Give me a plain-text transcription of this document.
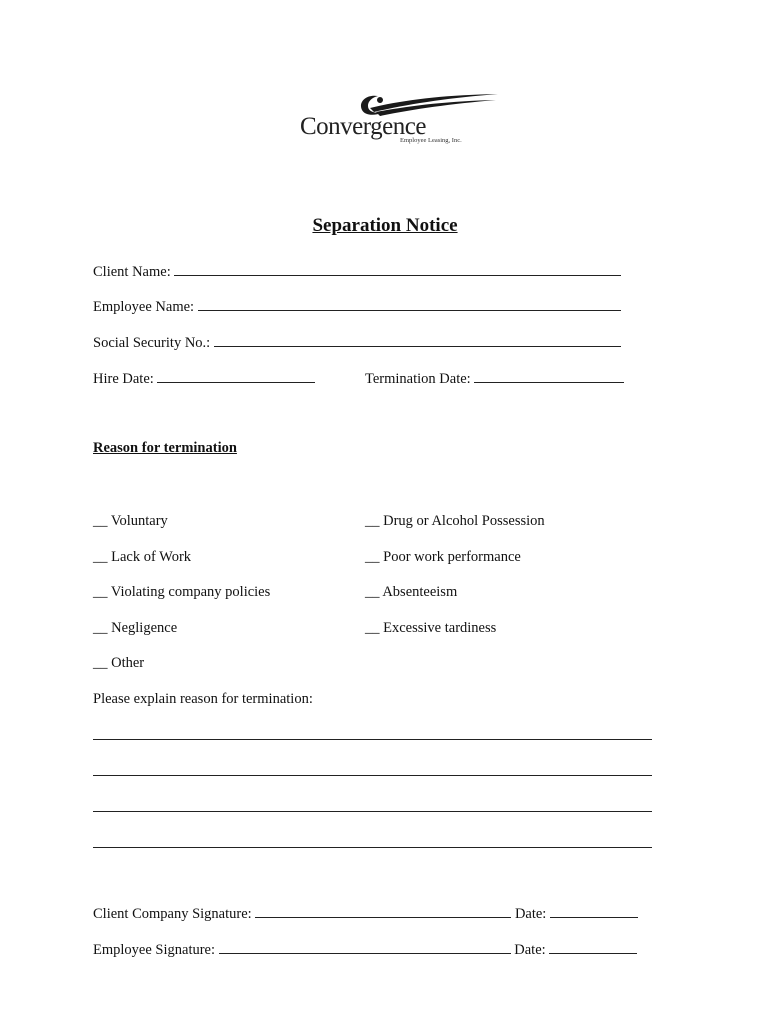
Convergence
Employee Leasing, Inc.
Separation Notice
Client Name:
Employee Name:
Social Security No.:
Hire Date:	Termination Date:
Reason for termination
__ Voluntary
__ Lack of Work
__ Violating company policies
__ Negligence
__ Other
__ Drug or Alcohol Possession
__ Poor work performance
__ Absenteeism
__ Excessive tardiness
Please explain reason for termination:
Client Company Signature:	Date:
Employee Signature:	Date:
